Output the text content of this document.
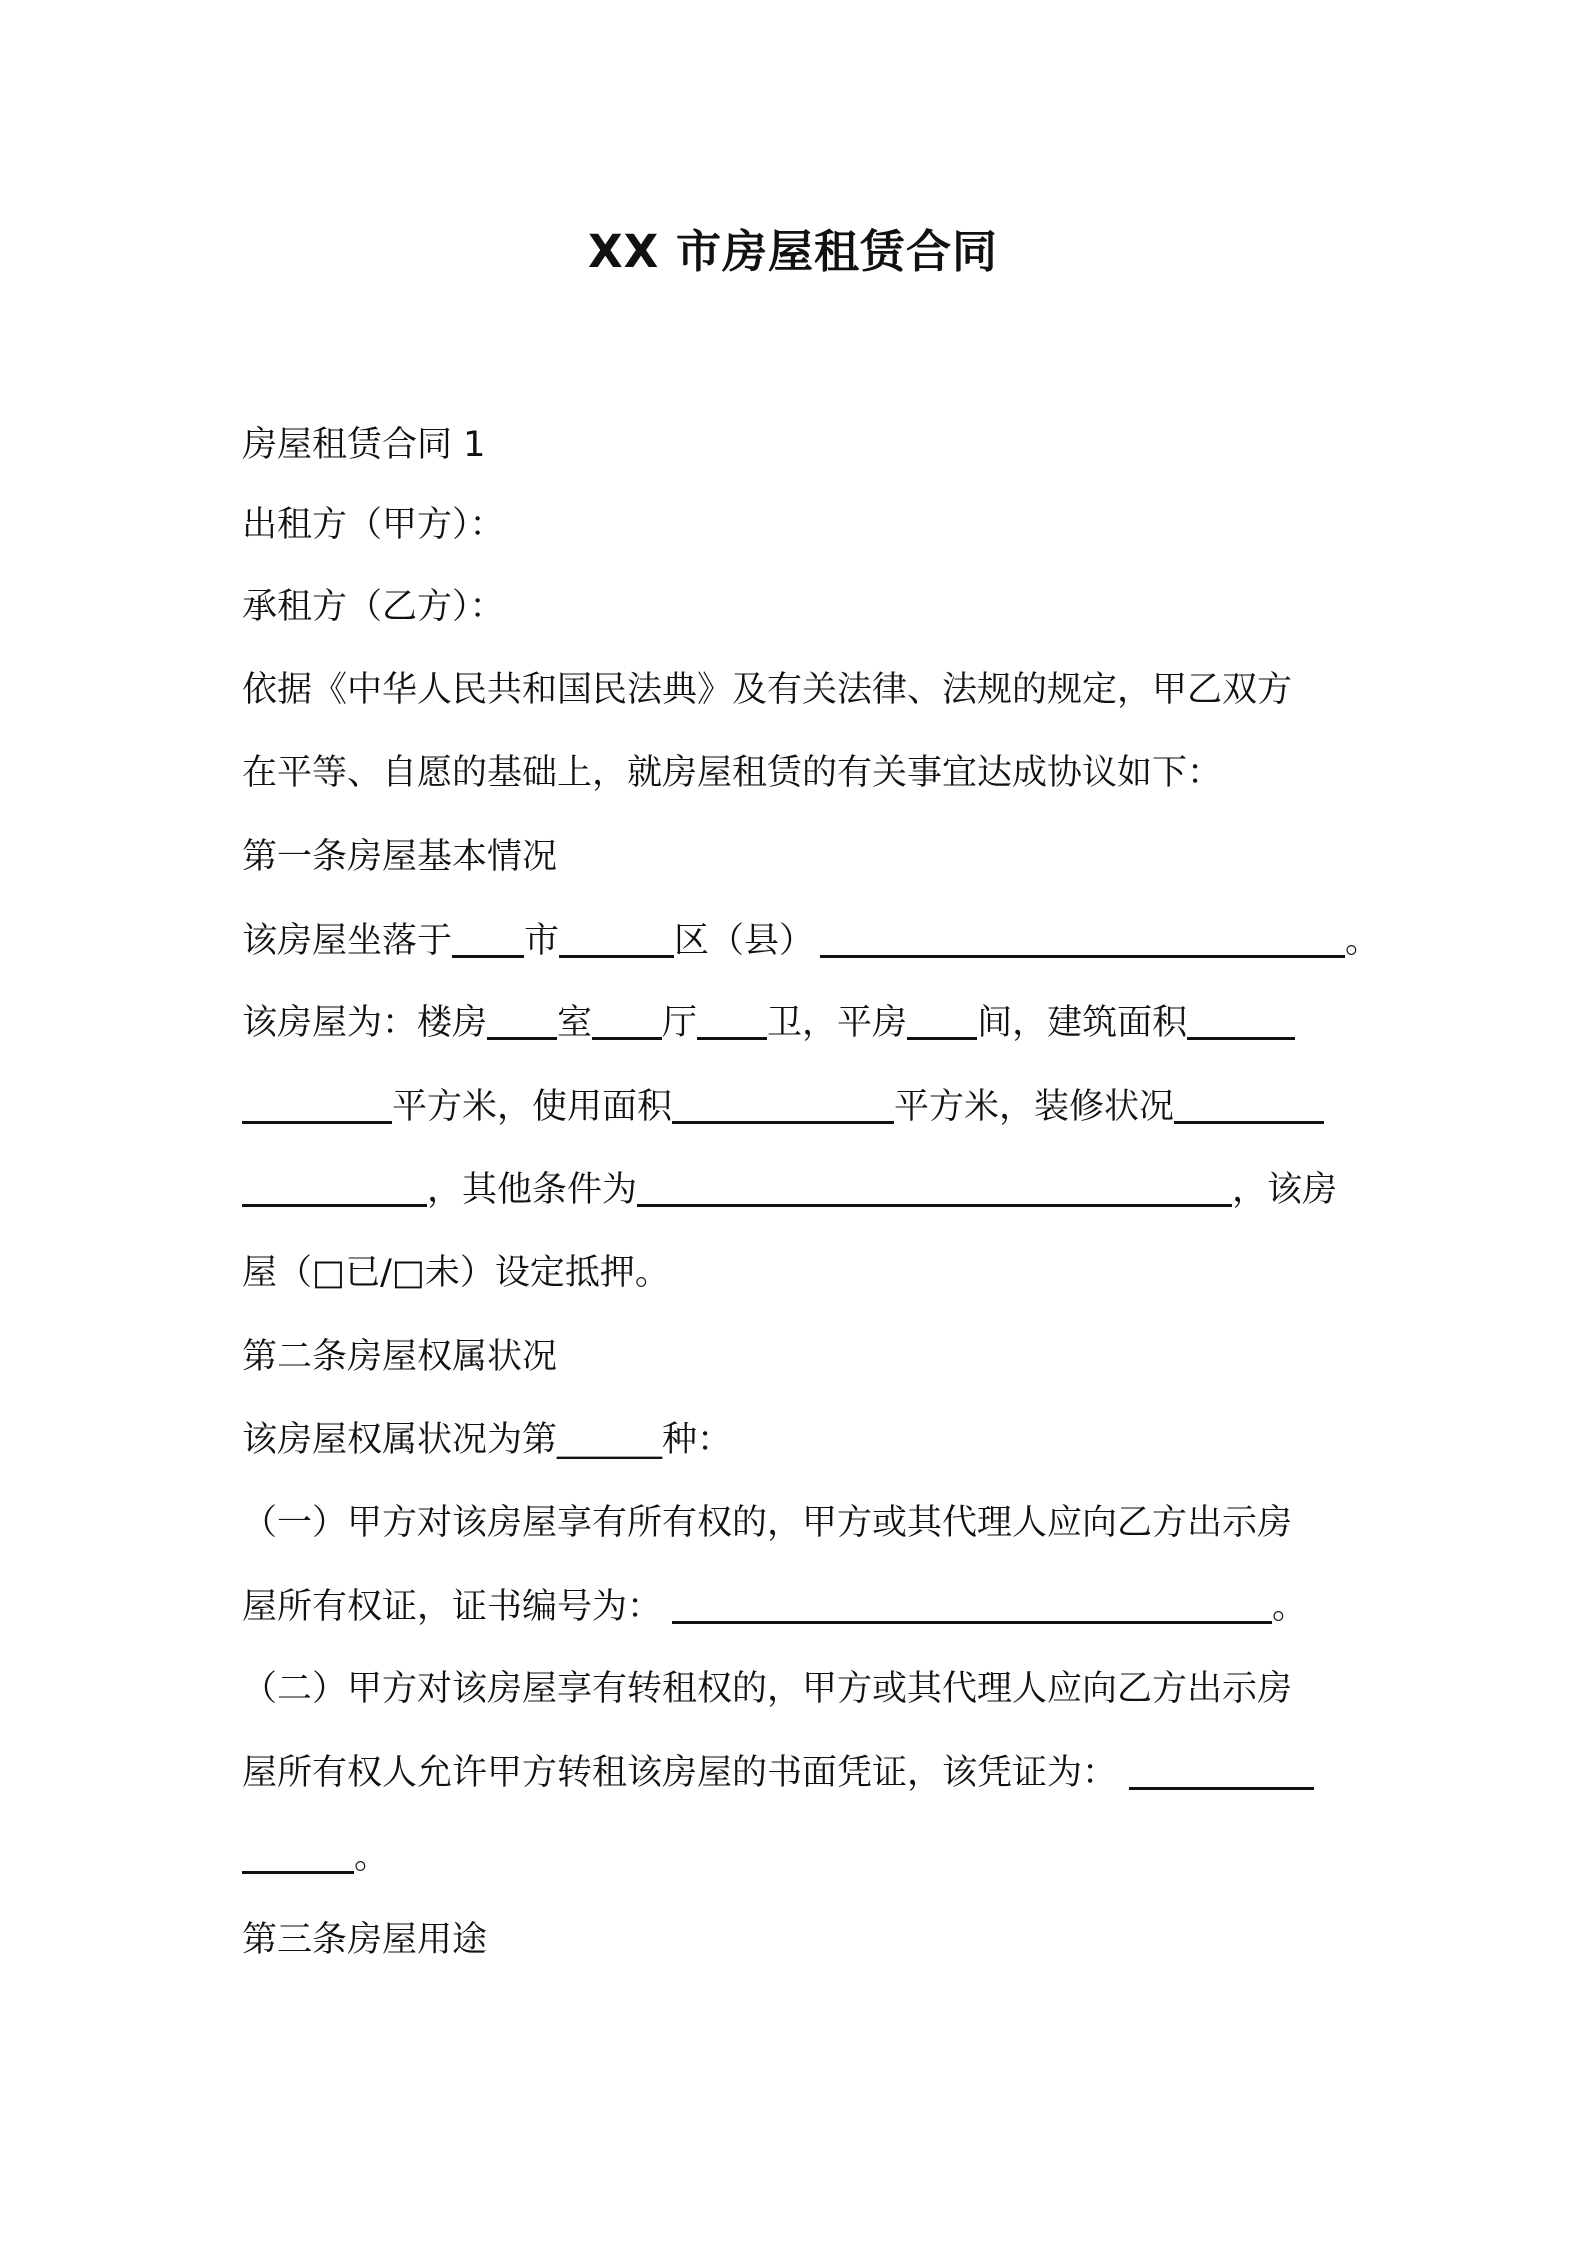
XX 市房屋租赁合同
房屋租赁合同 1
出租方（甲方）：
承租方（乙方）：
依据《中华人民共和国民法典》及有关法律、法规的规定，甲乙双方
在平等、自愿的基础上，就房屋租赁的有关事宜达成协议如下：
第一条房屋基本情况
该房屋坐落于 市	区（县）	。
该房屋为：楼房 室 厅 卫，平房 间，建筑面积
平方米，使用面积	平方米，装修状况
，其他条件为	，该房
屋（□已/□未）设定抵押。
第二条房屋权属状况
该房屋权属状况为第______种：
（一）甲方对该房屋享有所有权的，甲方或其代理人应向乙方出示房
屋所有权证，证书编号为：	。
（二）甲方对该房屋享有转租权的，甲方或其代理人应向乙方出示房
屋所有权人允许甲方转租该房屋的书面凭证，该凭证为：
。
第三条房屋用途
